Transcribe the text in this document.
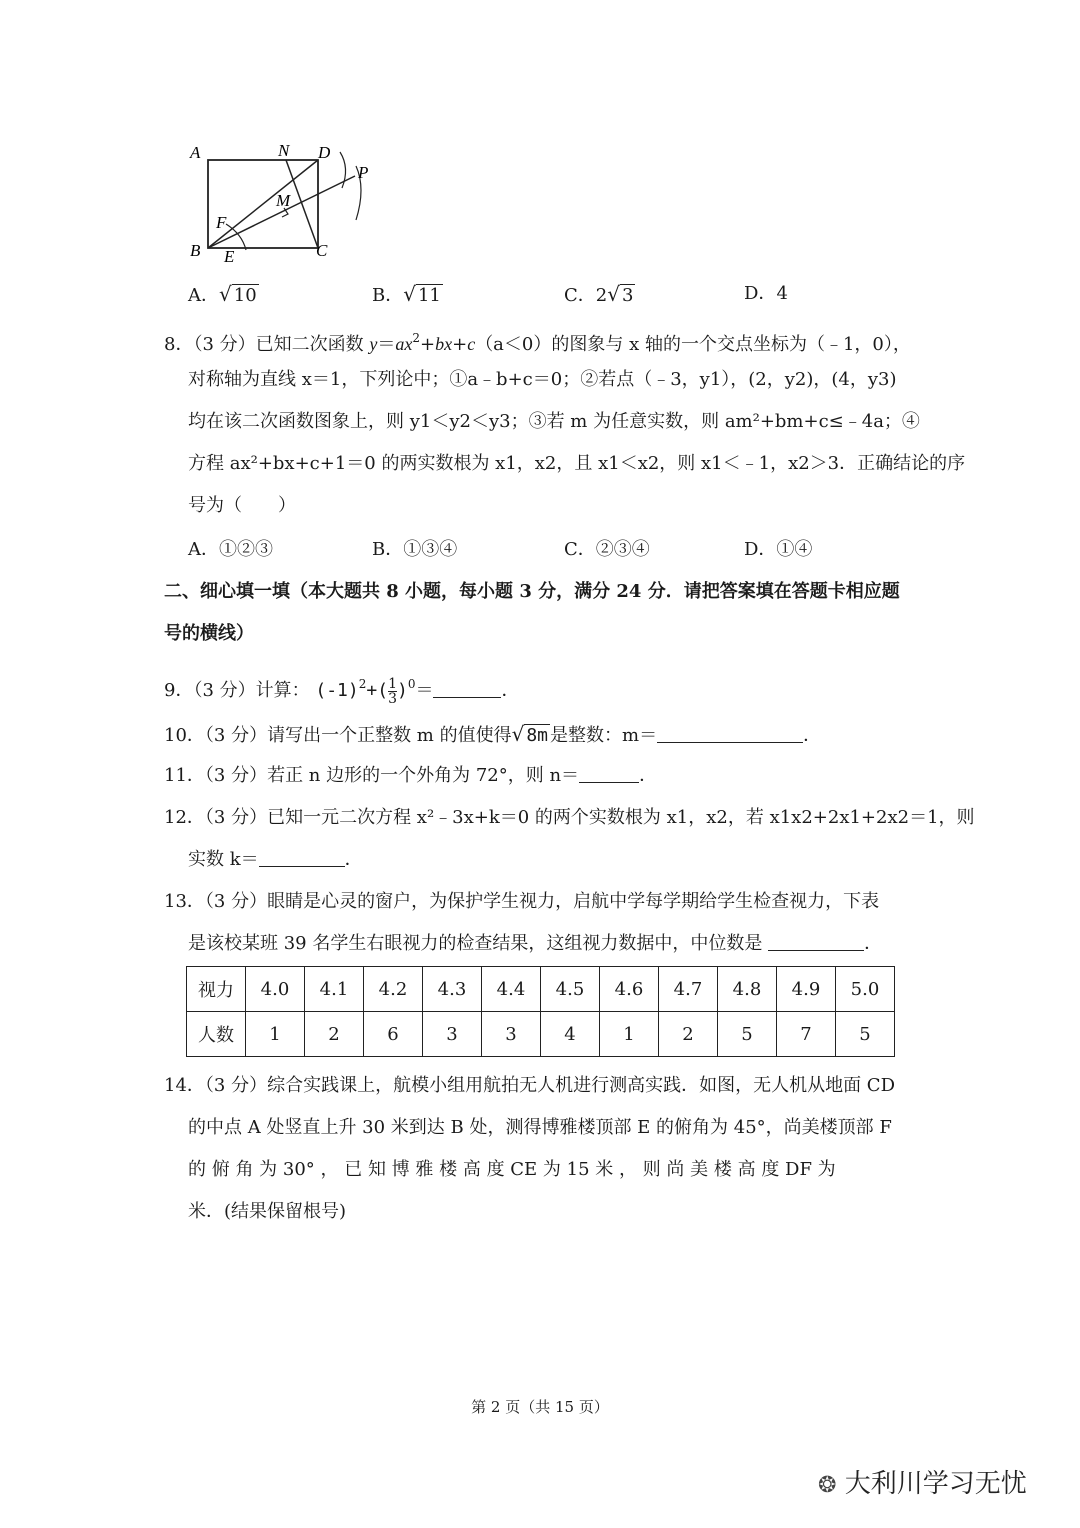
A	N D
P
M
F
B E	C
A．√ 10	B．√ 11	C．2√ 3	D．4
8．（3 分）已知二次函数 $y=ax^2+bx+c(a<0)$的图象与 x 轴的一个交点坐标为（﹣1，0），
对称轴为直线 x＝1，下列论中；①a﹣b+c＝0；②若点（﹣3，y1），(2，y2)，(4，y3)
均在该二次函数图象上，则 y1＜y2＜y3；③若 m 为任意实数，则 am²+bm+c≤﹣4a；④
方程 ax²+bx+c+1＝0 的两实数根为 x1，x2，且 x1＜x2，则 x1＜﹣1，x2＞3．正确结论的序
号为（　　）
A．①②③	B．①③④	C．②③④	D．①④
二、细心填一填（本大题共 8 小题，每小题 3 分，满分 24 分．请把答案填在答题卡相应题
号的横线）
9．（3 分）计算： $(-1)^2+( \frac{1}{3} )^0=$	．
10．（3 分）请写出一个正整数 m 的值使得√ 8m 是整数：m＝	．
11．（3 分）若正 n 边形的一个外角为 72°，则 n＝	．
12．（3 分）已知一元二次方程 x²﹣3x+k＝0 的两个实数根为 x1，x2，若 x1x2+2x1+2x2＝1，则
实数 k＝	．
13．（3 分）眼睛是心灵的窗户，为保护学生视力，启航中学每学期给学生检查视力，下表
是该校某班 39 名学生右眼视力的检查结果，这组视力数据中，中位数是	．
视力	4.0	4.1	4.2	4.3	4.4	4.5	4.6	4.7	4.8	4.9	5.0
人数	1	2	6	3	3	4	1	2	5	7	5
14．（3 分）综合实践课上，航模小组用航拍无人机进行测高实践．如图，无人机从地面 CD
的中点 A 处竖直上升 30 米到达 B 处，测得博雅楼顶部 E 的俯角为 45°，尚美楼顶部 F
的 俯 角 为 30° ， 已 知 博 雅 楼 高 度 CE 为 15 米 ， 则 尚 美 楼 高 度 DF 为
米．(结果保留根号)
第 2 页（共 15 页）
❂ 大利川学习无忧
